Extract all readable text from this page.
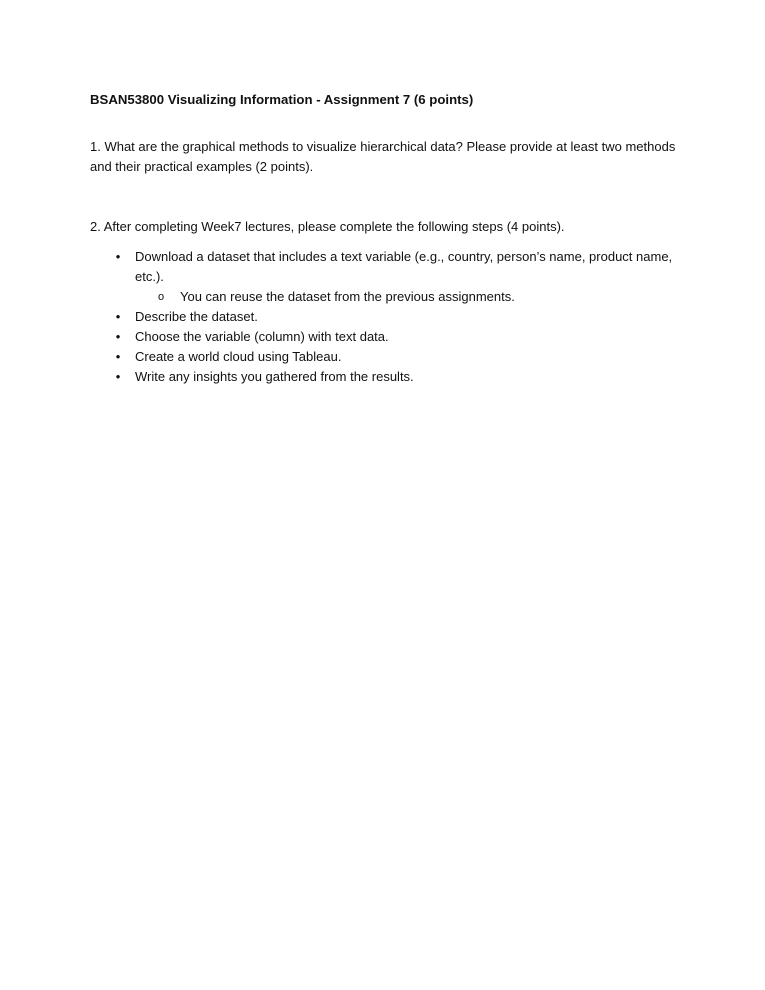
BSAN53800 Visualizing Information - Assignment 7 (6 points)

1. What are the graphical methods to visualize hierarchical data? Please provide at least two methods and their practical examples (2 points).

2. After completing Week7 lectures, please complete the following steps (4 points).

• Download a dataset that includes a text variable (e.g., country, person’s name, product name, etc.).
o You can reuse the dataset from the previous assignments.
• Describe the dataset.
• Choose the variable (column) with text data.
• Create a world cloud using Tableau.
• Write any insights you gathered from the results.
